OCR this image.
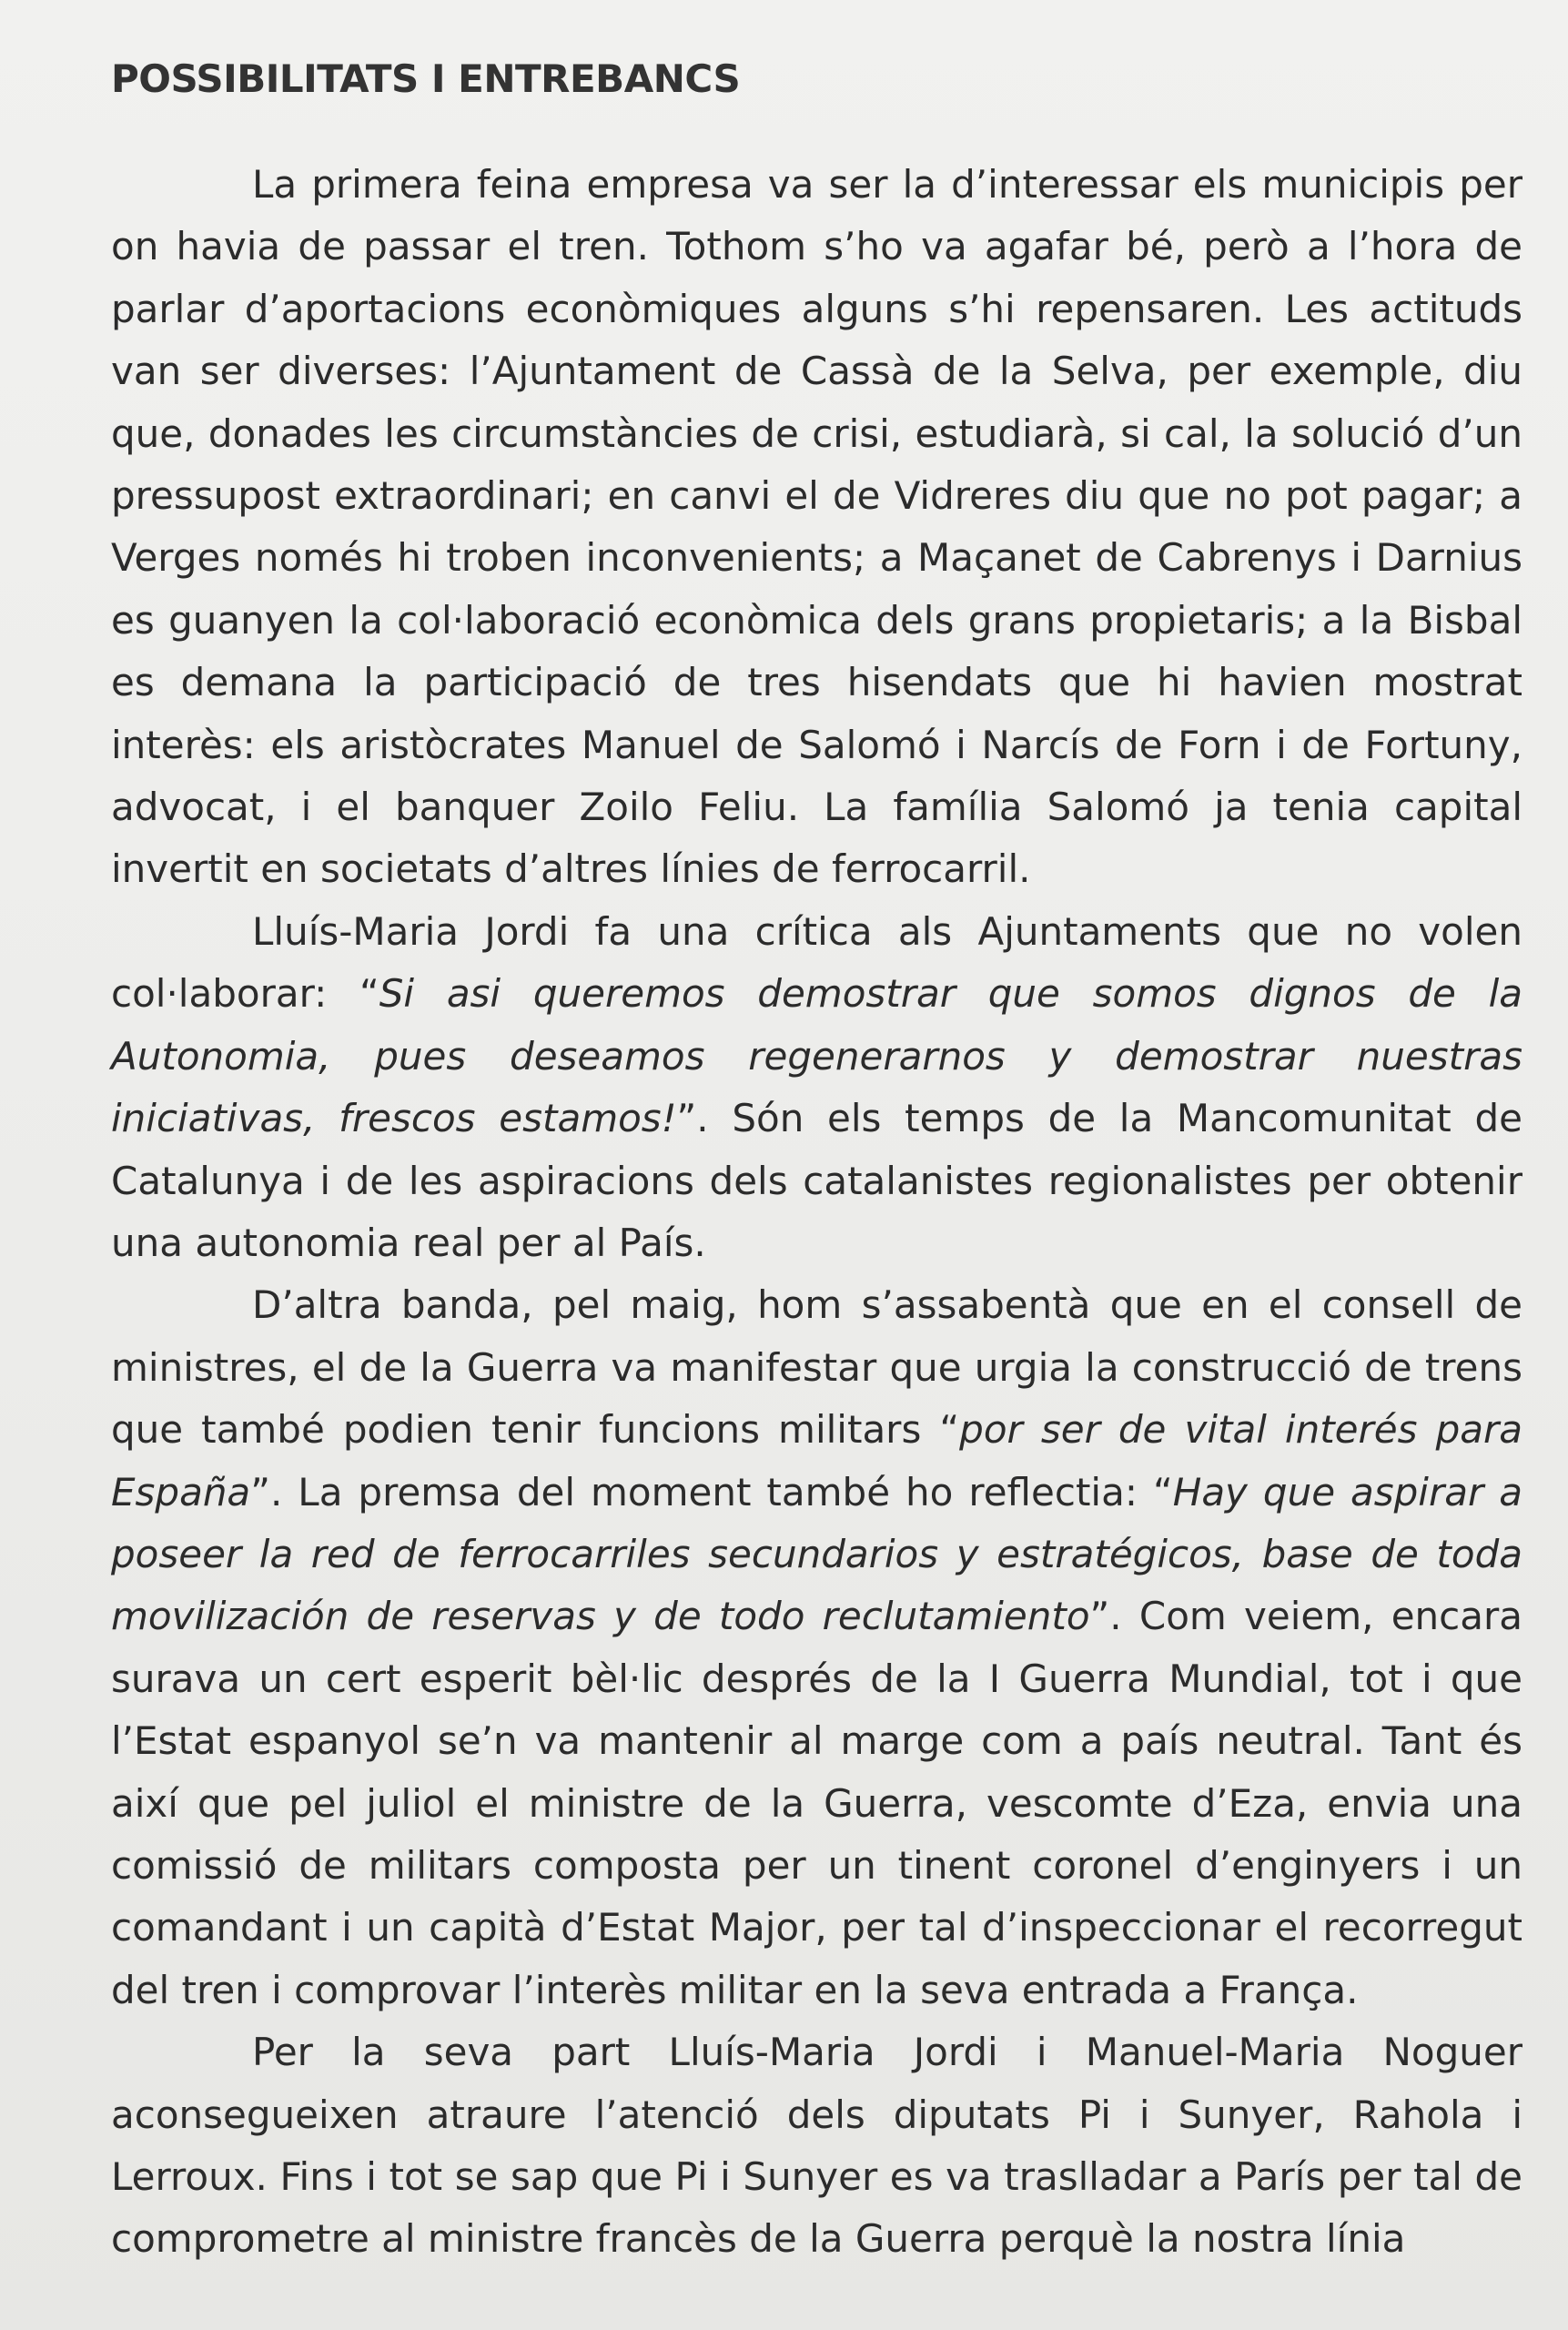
POSSIBILITATS I ENTREBANCS

La primera feina empresa va ser la d’interessar els municipis per on havia de passar el tren. Tothom s’ho va agafar bé, però a l’hora de parlar d’aportacions econòmiques alguns s’hi repensaren. Les actituds van ser diverses: l’Ajuntament de Cassà de la Selva, per exemple, diu que, donades les circumstàncies de crisi, estudiarà, si cal, la solució d’un pressupost extraordinari; en canvi el de Vidreres diu que no pot pagar; a Verges només hi troben inconvenients; a Maçanet de Cabrenys i Darnius es guanyen la col·laboració econòmica dels grans propietaris; a la Bisbal es demana la participació de tres hisendats que hi havien mostrat interès: els aristòcrates Manuel de Salomó i Narcís de Forn i de Fortuny, advocat, i el banquer Zoilo Feliu. La família Salomó ja tenia capital invertit en societats d’altres línies de ferrocarril.

Lluís-Maria Jordi fa una crítica als Ajuntaments que no volen col·laborar: “Si asi queremos demostrar que somos dignos de la Autonomia, pues deseamos regenerarnos y demostrar nuestras iniciativas, frescos estamos!”. Són els temps de la Mancomunitat de Catalunya i de les aspiracions dels catalanistes regionalistes per obtenir una autonomia real per al País.

D’altra banda, pel maig, hom s’assabentà que en el consell de ministres, el de la Guerra va manifestar que urgia la construcció de trens que també podien tenir funcions militars “por ser de vital interés para España”. La premsa del moment també ho reflectia: “Hay que aspirar a poseer la red de ferrocarriles secundarios y estratégicos, base de toda movilización de reservas y de todo reclutamiento”. Com veiem, encara surava un cert esperit bèl·lic després de la I Guerra Mundial, tot i que l’Estat espanyol se’n va mantenir al marge com a país neutral. Tant és així que pel juliol el ministre de la Guerra, vescomte d’Eza, envia una comissió de militars composta per un tinent coronel d’enginyers i un comandant i un capità d’Estat Major, per tal d’inspeccionar el recorregut del tren i comprovar l’interès militar en la seva entrada a França.

Per la seva part Lluís-Maria Jordi i Manuel-Maria Noguer aconsegueixen atraure l’atenció dels diputats Pi i Sunyer, Rahola i Lerroux. Fins i tot se sap que Pi i Sunyer es va traslladar a París per tal de comprometre al ministre francès de la Guerra perquè la nostra línia
